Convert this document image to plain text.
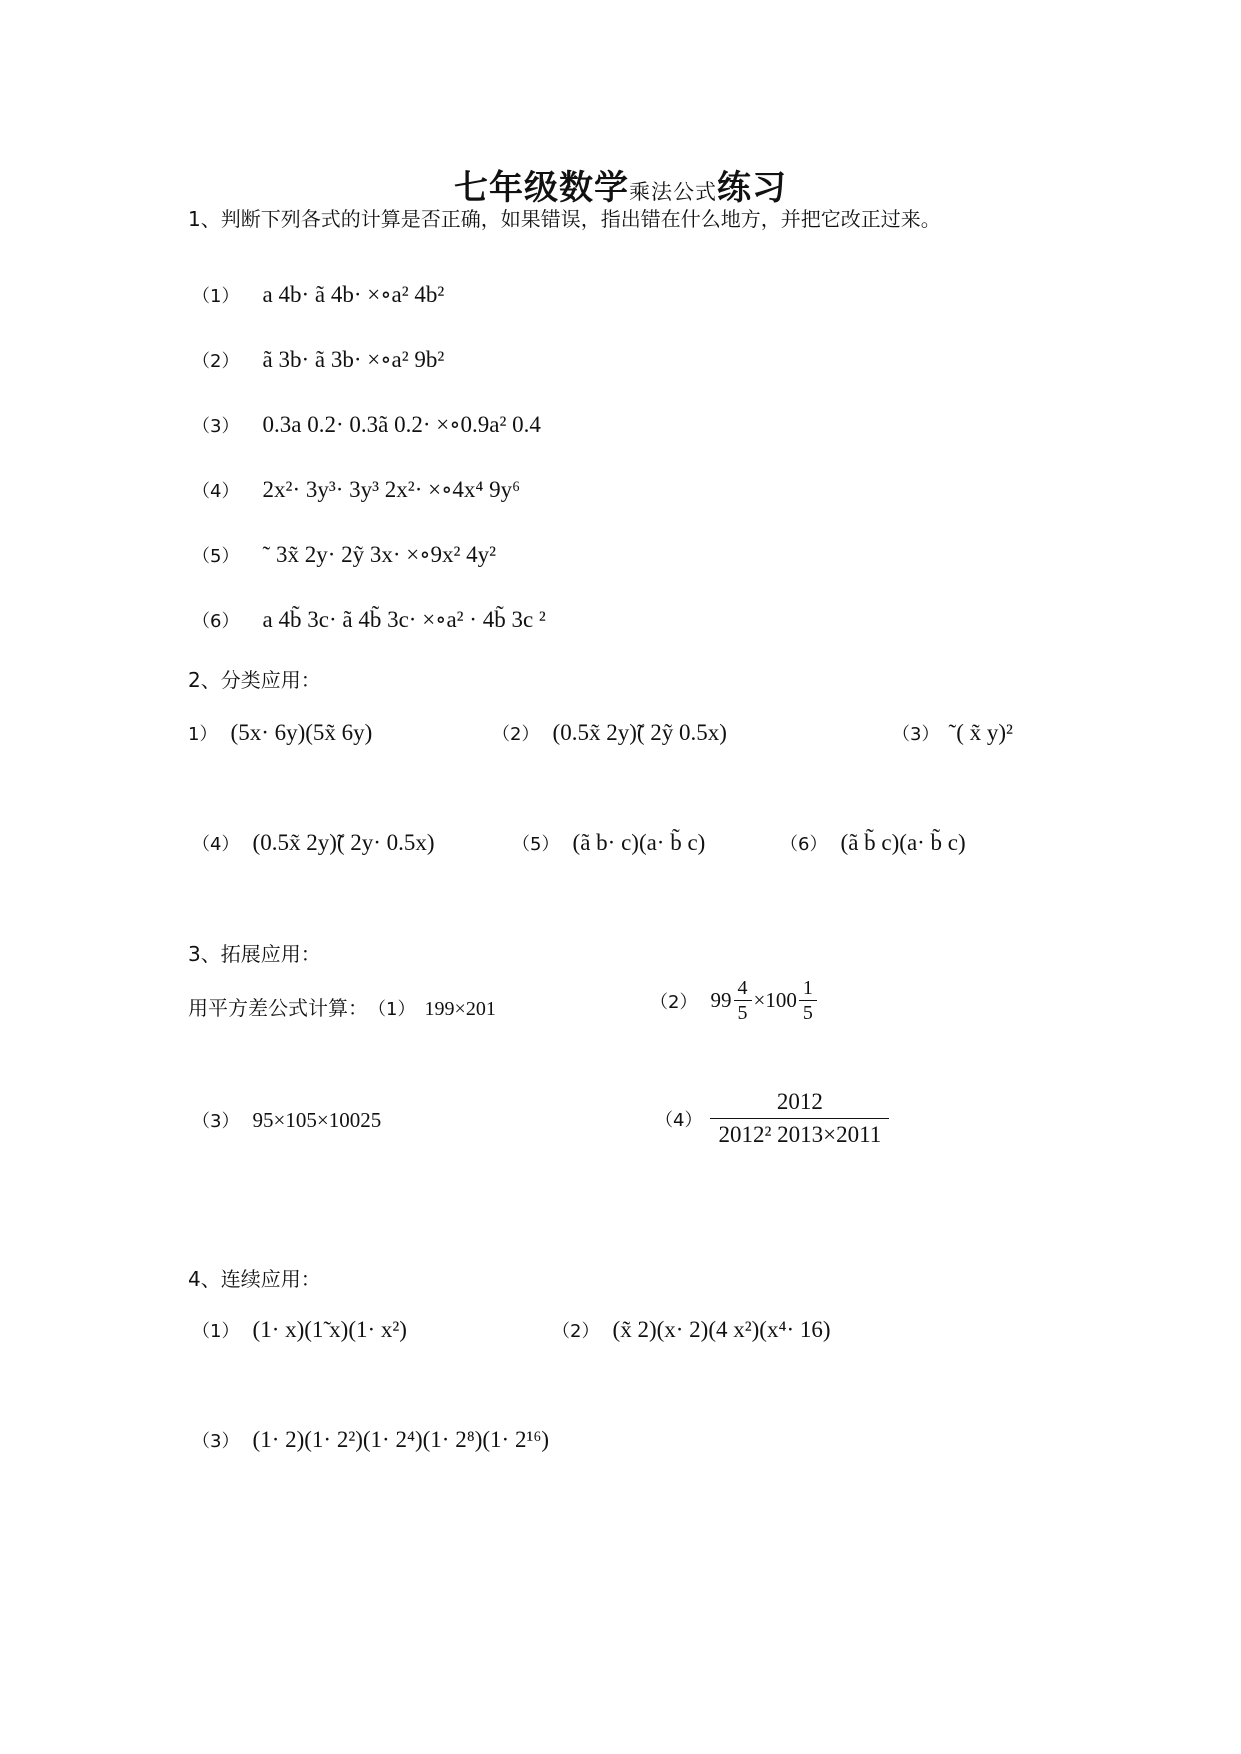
七年级数学乘法公式练习
1、判断下列各式的计算是否正确，如果错误，指出错在什么地方，并把它改正过来。
（1） a 4b· ã 4b· ×∘a² 4b²
（2） ã 3b· ã 3b· ×∘a² 9b²
（3） 0.3a 0.2· 0.3ã 0.2· ×∘0.9a² 0.4
（4） 2x²· 3y³· 3y³ 2x²· ×∘4x⁴ 9y⁶
（5） ˜ 3x̃ 2y· 2ỹ 3x· ×∘9x² 4y²
（6） a 4b̃ 3c· ã 4b̃ 3c· ×∘a² · 4b̃ 3c ²
2、分类应用：
1） (5x· 6y)(5x̃ 6y)	（2） (0.5x̃ 2y)̃( 2ỹ 0.5x)	（3） ˜( x̃ y)²
（4） (0.5x̃ 2y)̃( 2y· 0.5x)	（5） (ã b· c)(a· b̃ c)	（6） (ã b̃ c)(a· b̃ c)
3、拓展应用：
用平方差公式计算：（1） 199×201	（2） $99 \frac{4}{5} \times 100 \frac{1}{5}$
（3） 95×105×10025	$(4) \frac{2012}{\text{2012² 2013×2011}}$
4、连续应用：
（1） (1· x)(1̃ x)(1· x²)	（2） (x̃ 2)(x· 2)(4 x²)(x⁴· 16)
（3） (1· 2)(1· 2²)(1· 2⁴)(1· 2⁸)(1· 2¹⁶)
